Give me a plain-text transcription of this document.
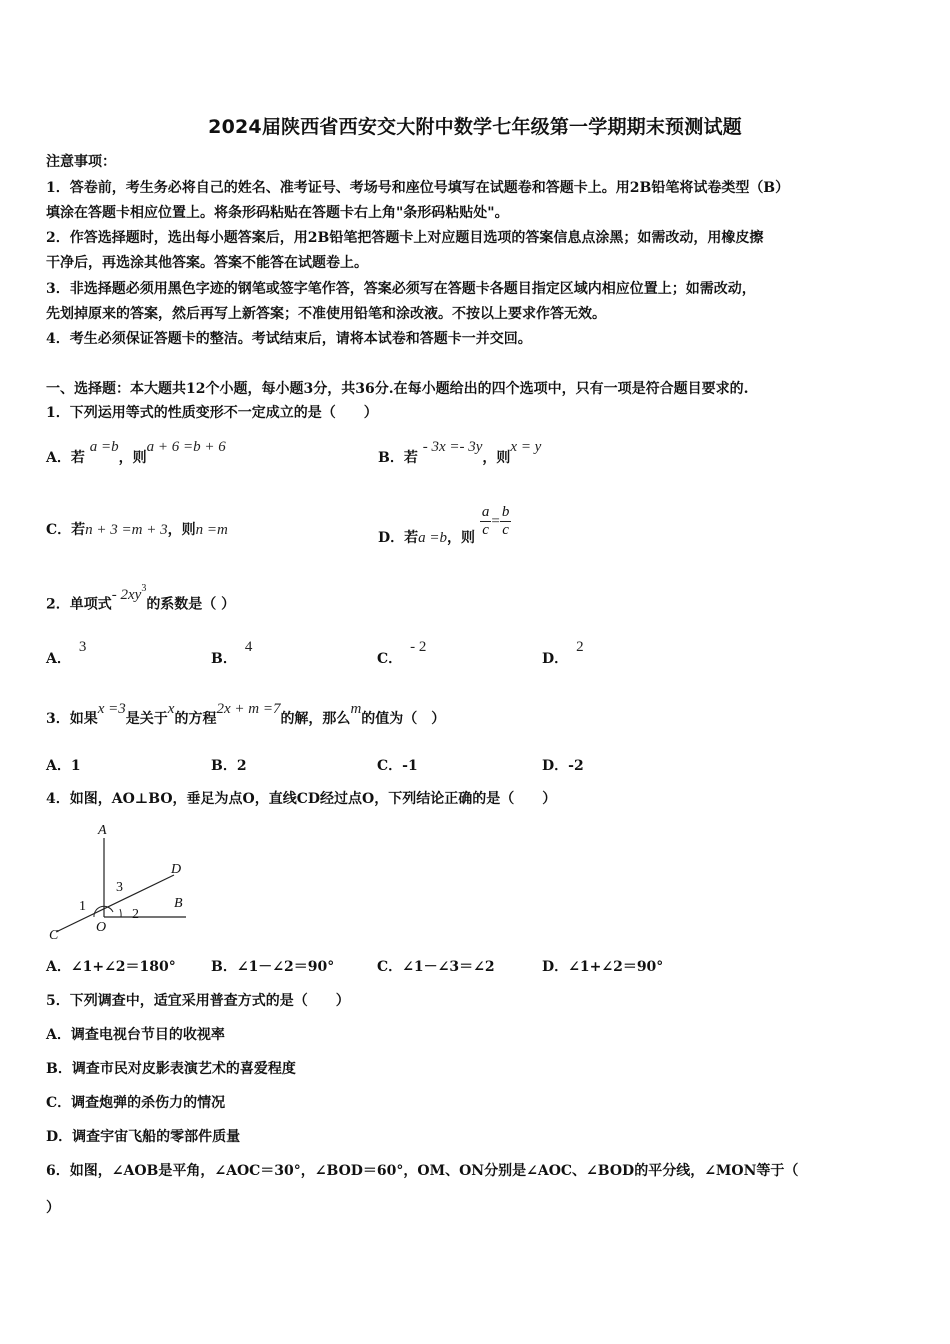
2024届陕西省西安交大附中数学七年级第一学期期末预测试题
注意事项：
1．答卷前，考生务必将自己的姓名、准考证号、考场号和座位号填写在试题卷和答题卡上。用2B铅笔将试卷类型（B）
填涂在答题卡相应位置上。将条形码粘贴在答题卡右上角"条形码粘贴处"。
2．作答选择题时，选出每小题答案后，用2B铅笔把答题卡上对应题目选项的答案信息点涂黑；如需改动，用橡皮擦
干净后，再选涂其他答案。答案不能答在试题卷上。
3．非选择题必须用黑色字迹的钢笔或签字笔作答，答案必须写在答题卡各题目指定区域内相应位置上；如需改动，
先划掉原来的答案，然后再写上新答案；不准使用铅笔和涂改液。不按以上要求作答无效。
4．考生必须保证答题卡的整洁。考试结束后，请将本试卷和答题卡一并交回。
一、选择题：本大题共12个小题，每小题3分，共36分.在每小题给出的四个选项中，只有一项是符合题目要求的.
1．下列运用等式的性质变形不一定成立的是（　　）
A．若 a =b，则a + 6 =b + 6
B．若 - 3x =- 3y，则x = y
C．若n + 3 =m + 3，则n =m	D．若a =b，则 $\frac{a}{c} = \frac{b}{c}$
2．单项式- $2xy^3$的系数是（ ）
A．3
B．4
C．- 2
D．2
3．如果x =3是关于x的方程2x + m =7的解，那么m的值为（　）
A．1	B．2	C．-1	D．-2
4．如图，AO⊥BO，垂足为点O，直线CD经过点O，下列结论正确的是（　　）
A
B
C
D
O
1
2
3
A．∠1+∠2＝180°	B．∠1－∠2＝90°	C．∠1－∠3＝∠2	D．∠1+∠2＝90°
5．下列调查中，适宜采用普查方式的是（　　）
A．调查电视台节目的收视率
B．调查市民对皮影表演艺术的喜爱程度
C．调查炮弹的杀伤力的情况
D．调查宇宙飞船的零部件质量
6．如图，∠AOB是平角，∠AOC＝30°，∠BOD＝60°，OM、ON分别是∠AOC、∠BOD的平分线，∠MON等于（
）
